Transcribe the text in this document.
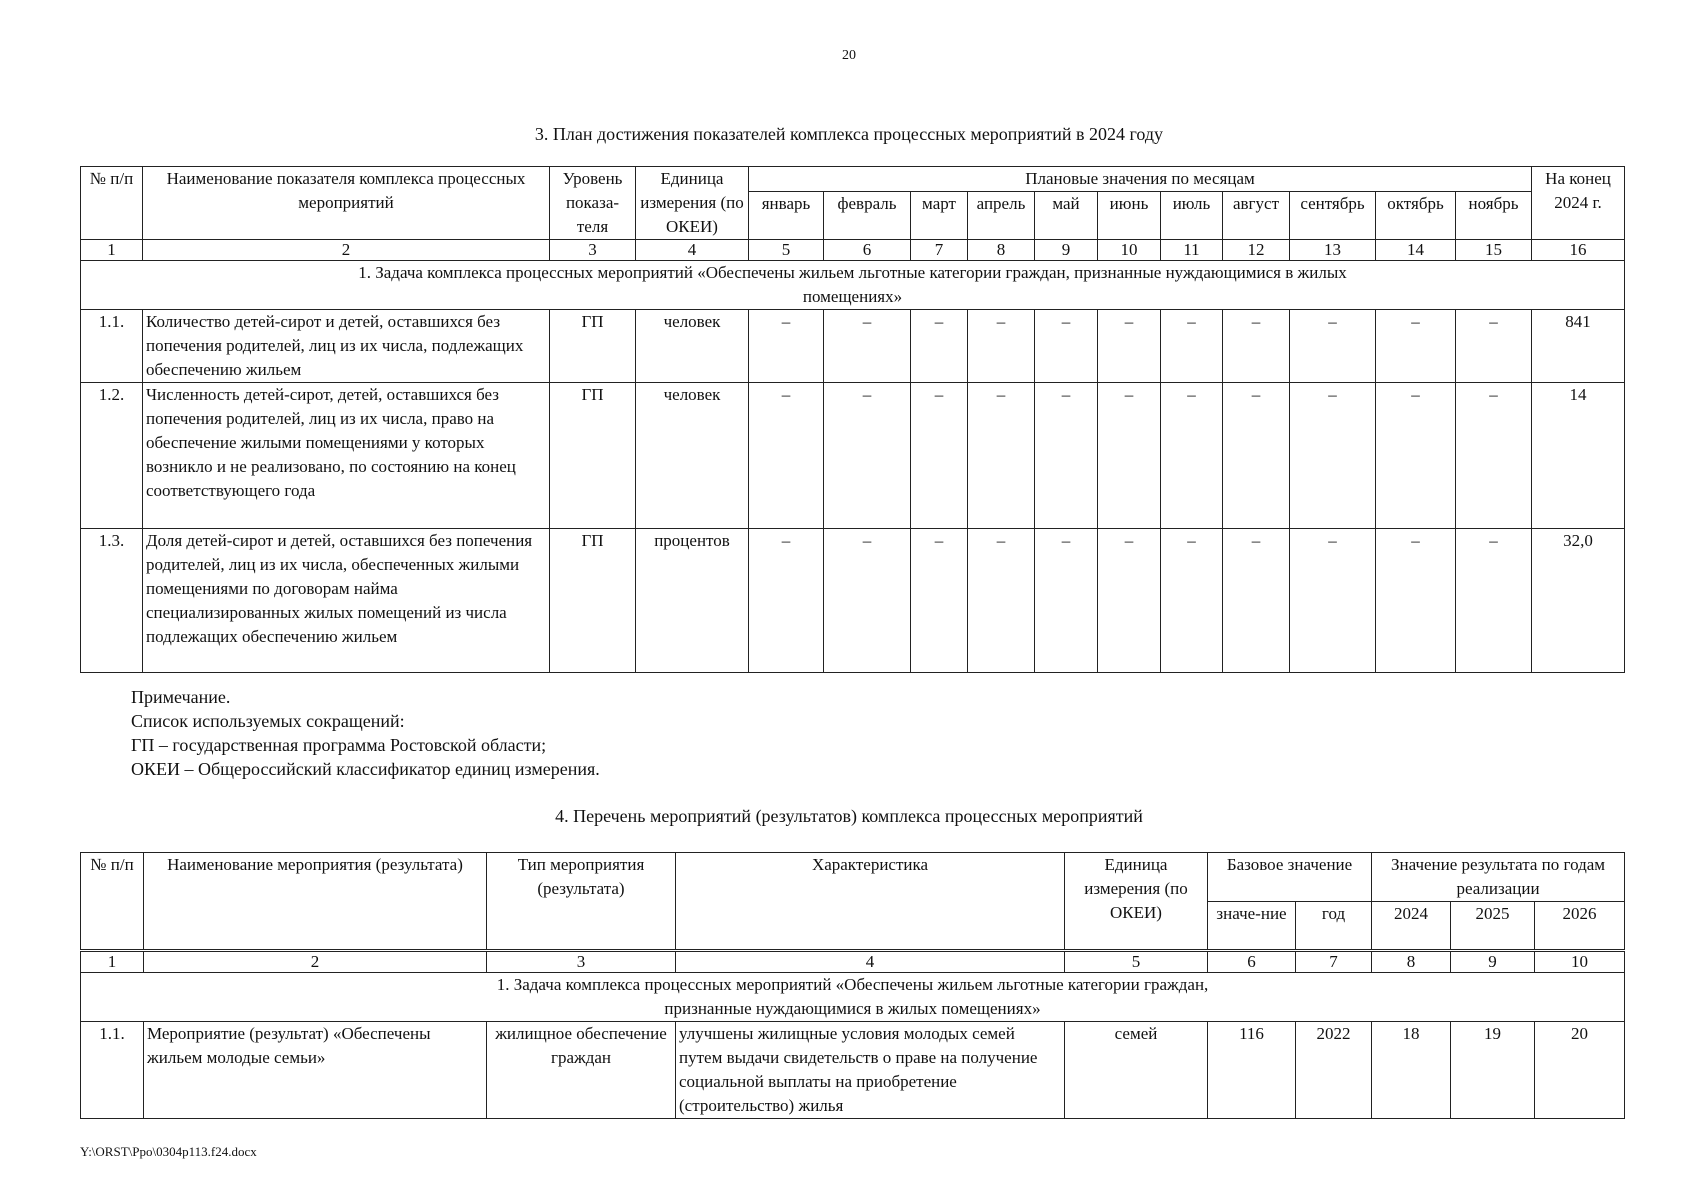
20
3. План достижения показателей комплекса процессных мероприятий в 2024 году
№ п/п	Наименование показателя комплекса процессных мероприятий	Уровень показа-теля	Единица измерения (по ОКЕИ)	Плановые значения по месяцам											На конец 2024 г.
				январь	февраль	март	апрель	май	июнь	июль	август	сентябрь	октябрь	ноябрь	
1	2	3	4	5	6	7	8	9	10	11	12	13	14	15	16
1. Задача комплекса процессных мероприятий «Обеспечены жильем льготные категории граждан, признанные нуждающимися в жилых помещениях»															
1.1.	Количество детей-сирот и детей, оставшихся без попечения родителей, лиц из их числа, подлежащих обеспечению жильем	ГП	человек	–	–	–	–	–	–	–	–	–	–	–	841
1.2.	Численность детей-сирот, детей, оставшихся без попечения родителей, лиц из их числа, право на обеспечение жилыми помещениями у которых возникло и не реализовано, по состоянию на конец соответствующего года	ГП	человек	–	–	–	–	–	–	–	–	–	–	–	14
1.3.	Доля детей-сирот и детей, оставшихся без попечения родителей, лиц из их числа, обеспеченных жилыми помещениями по договорам найма специализированных жилых помещений из числа подлежащих обеспечению жильем	ГП	процентов	–	–	–	–	–	–	–	–	–	–	–	32,0
Примечание.
Список используемых сокращений:
ГП – государственная программа Ростовской области;
ОКЕИ – Общероссийский классификатор единиц измерения.
4. Перечень мероприятий (результатов) комплекса процессных мероприятий
№ п/п	Наименование мероприятия (результата)	Тип мероприятия (результата)	Характеристика	Единица измерения (по ОКЕИ)	Базовое значение		Значение результата по годам реализации		
					значе-ние	год	2024	2025	2026
1	2	3	4	5	6	7	8	9	10
1. Задача комплекса процессных мероприятий «Обеспечены жильем льготные категории граждан, признанные нуждающимися в жилых помещениях»									
1.1.	Мероприятие (результат) «Обеспечены жильем молодые семьи»	жилищное обеспечение граждан	улучшены жилищные условия молодых семей путем выдачи свидетельств о праве на получение социальной выплаты на приобретение (строительство) жилья	семей	116	2022	18	19	20
Y:\ORST\Ppo\0304p113.f24.docx
